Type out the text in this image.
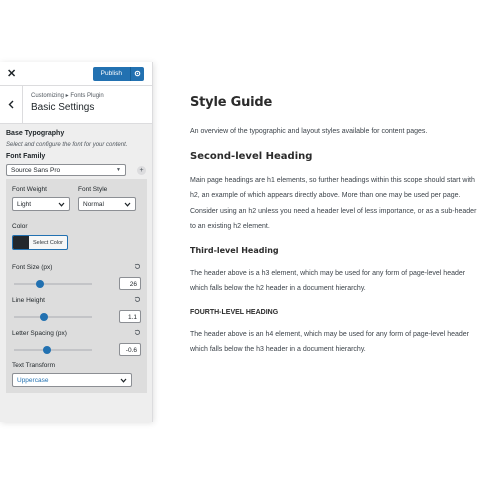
✕	Publish
Customizing ▸ Fonts Plugin
Basic Settings
Base Typography
Select and configure the font for your content.
Font Family
Source Sans Pro	▼	+
Font Weight
Light
Font Style
Normal
Color
Select Color
Font Size (px)
26
Line Height
1.1
Letter Spacing (px)
-0.6
Text Transform
Uppercase
Style Guide
An overview of the typographic and layout styles available for content pages.
Second-level Heading
Main page headings are h1 elements, so further headings within this scope should start with h2, an example of which appears directly above. More than one may be used per page. Consider using an h2 unless you need a header level of less importance, or as a sub-header to an existing h2 element.
Third-level Heading
The header above is a h3 element, which may be used for any form of page-level header which falls below the h2 header in a document hierarchy.
FOURTH-LEVEL HEADING
The header above is an h4 element, which may be used for any form of page-level header which falls below the h3 header in a document hierarchy.
